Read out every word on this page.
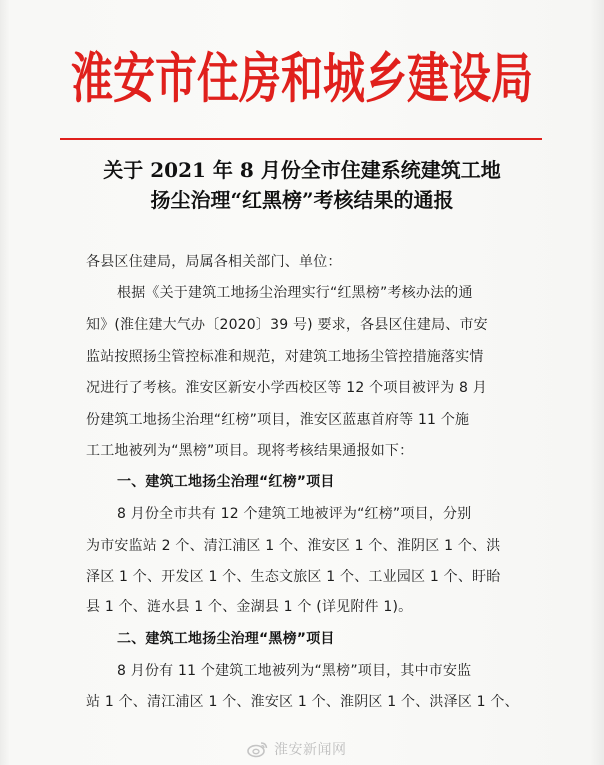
淮安市住房和城乡建设局
关于 2021 年 8 月份全市住建系统建筑工地
扬尘治理“红黑榜”考核结果的通报
各县区住建局，局属各相关部门、单位：
根据《关于建筑工地扬尘治理实行“红黑榜”考核办法的通
知》(淮住建大气办〔2020〕39 号) 要求，各县区住建局、市安
监站按照扬尘管控标准和规范，对建筑工地扬尘管控措施落实情
况进行了考核。淮安区新安小学西校区等 12 个项目被评为 8 月
份建筑工地扬尘治理“红榜”项目，淮安区蓝惠首府等 11 个施
工工地被列为“黑榜”项目。现将考核结果通报如下：
一、建筑工地扬尘治理“红榜”项目
8 月份全市共有 12 个建筑工地被评为“红榜”项目，分别
为市安监站 2 个、清江浦区 1 个、淮安区 1 个、淮阴区 1 个、洪
泽区 1 个、开发区 1 个、生态文旅区 1 个、工业园区 1 个、盱眙
县 1 个、涟水县 1 个、金湖县 1 个 (详见附件 1)。
二、建筑工地扬尘治理“黑榜”项目
8 月份有 11 个建筑工地被列为“黑榜”项目，其中市安监
站 1 个、清江浦区 1 个、淮安区 1 个、淮阴区 1 个、洪泽区 1 个、
淮安新闻网
